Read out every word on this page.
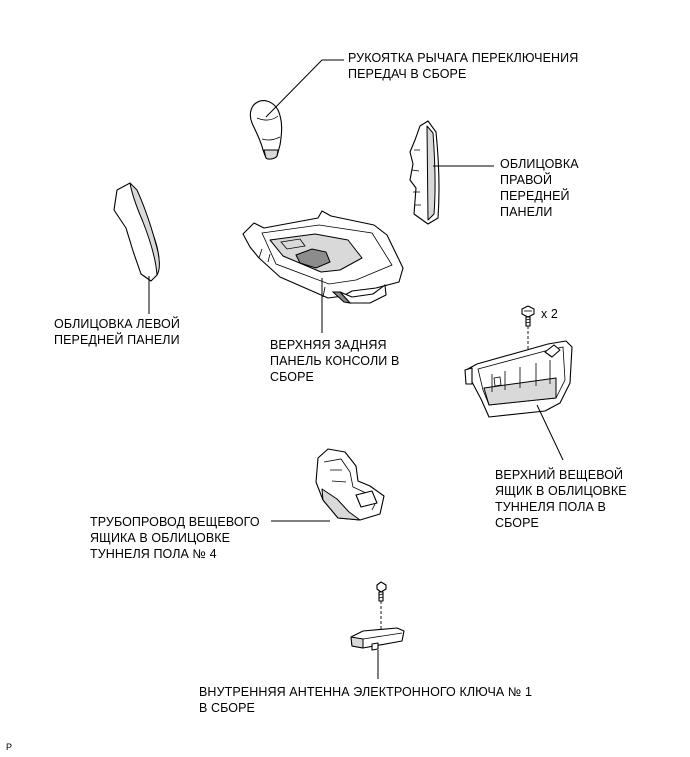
РУКОЯТКА РЫЧАГА ПЕРЕКЛЮЧЕНИЯ
ПЕРЕДАЧ В СБОРЕ
ОБЛИЦОВКА
ПРАВОЙ
ПЕРЕДНЕЙ
ПАНЕЛИ
ОБЛИЦОВКА ЛЕВОЙ
ПЕРЕДНЕЙ ПАНЕЛИ	ВЕРХНЯЯ ЗАДНЯЯ
ПАНЕЛЬ КОНСОЛИ В
СБОРЕ
x 2
ВЕРХНИЙ ВЕЩЕВОЙ
ЯЩИК В ОБЛИЦОВКЕ
ТУННЕЛЯ ПОЛА В
СБОРЕ
ТРУБОПРОВОД ВЕЩЕВОГО
ЯЩИКА В ОБЛИЦОВКЕ
ТУННЕЛЯ ПОЛА № 4
ВНУТРЕННЯЯ АНТЕННА ЭЛЕКТРОННОГО КЛЮЧА № 1
В СБОРЕ
P
